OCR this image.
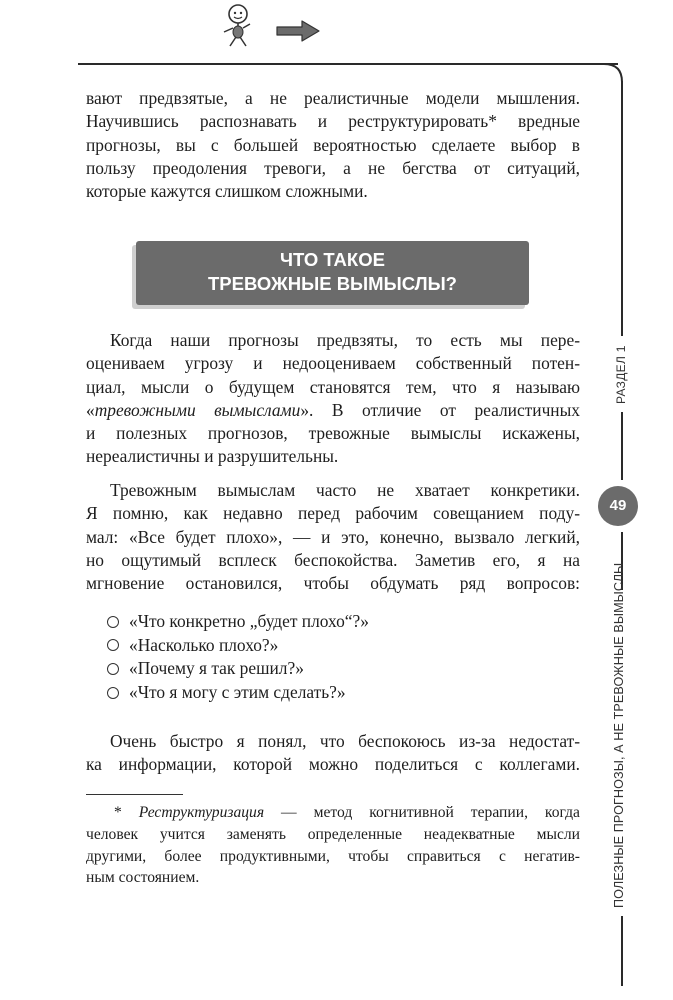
вают предвзятые, а не реалистичные модели мышления.
Научившись распознавать и реструктурировать* вредные
прогнозы, вы с большей вероятностью сделаете выбор в
пользу преодоления тревоги, а не бегства от ситуаций,
которые кажутся слишком сложными.
ЧТО ТАКОЕ
ТРЕВОЖНЫЕ ВЫМЫСЛЫ?
Когда наши прогнозы предвзяты, то есть мы пере-
оцениваем угрозу и недооцениваем собственный потен-
циал, мысли о будущем становятся тем, что я называю
«тревожными вымыслами». В отличие от реалистичных
и полезных прогнозов, тревожные вымыслы искажены,
нереалистичны и разрушительны.
Тревожным вымыслам часто не хватает конкретики.
Я помню, как недавно перед рабочим совещанием поду-
мал: «Все будет плохо», — и это, конечно, вызвало легкий,
но ощутимый всплеск беспокойства. Заметив его, я на
мгновение остановился, чтобы обдумать ряд вопросов:
«Что конкретно „будет плохо“?»
«Насколько плохо?»
«Почему я так решил?»
«Что я могу с этим сделать?»
Очень быстро я понял, что беспокоюсь из-за недостат-
ка информации, которой можно поделиться с коллегами.
* Реструктуризация — метод когнитивной терапии, когда
человек учится заменять определенные неадекватные мысли
другими, более продуктивными, чтобы справиться с негатив-
ным состоянием.
РАЗДЕЛ 1
49
ПОЛЕЗНЫЕ ПРОГНОЗЫ, А НЕ ТРЕВОЖНЫЕ ВЫМЫСЛЫ
